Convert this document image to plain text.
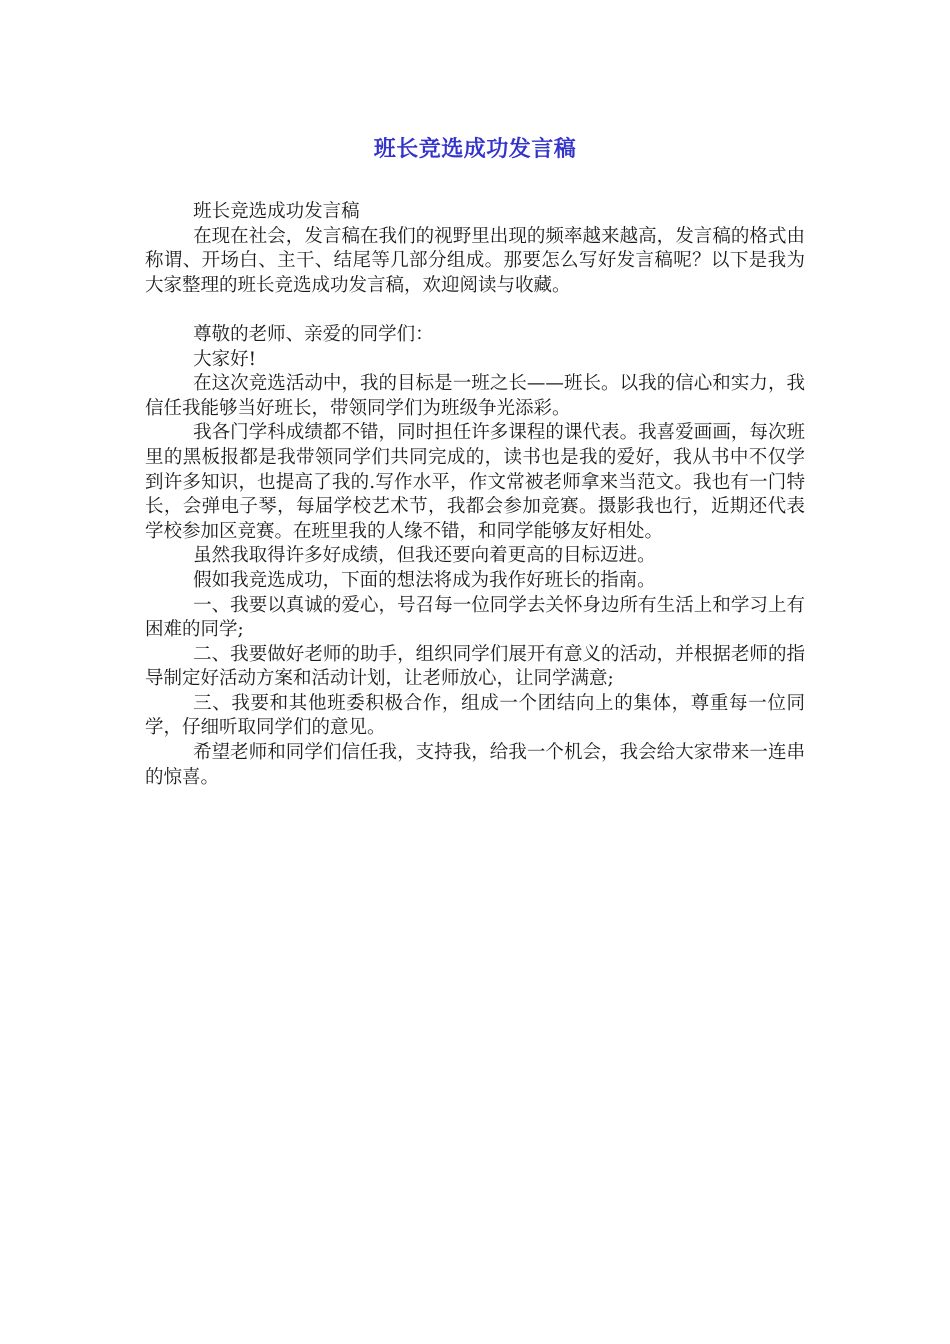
班长竞选成功发言稿

班长竞选成功发言稿

在现在社会，发言稿在我们的视野里出现的频率越来越高，发言稿的格式由称谓、开场白、主干、结尾等几部分组成。那要怎么写好发言稿呢？以下是我为大家整理的班长竞选成功发言稿，欢迎阅读与收藏。

尊敬的老师、亲爱的同学们：

大家好!

在这次竞选活动中，我的目标是一班之长——班长。以我的信心和实力，我信任我能够当好班长，带领同学们为班级争光添彩。

我各门学科成绩都不错，同时担任许多课程的课代表。我喜爱画画，每次班里的黑板报都是我带领同学们共同完成的，读书也是我的爱好，我从书中不仅学到许多知识，也提高了我的.写作水平，作文常被老师拿来当范文。我也有一门特长，会弹电子琴，每届学校艺术节，我都会参加竞赛。摄影我也行，近期还代表学校参加区竞赛。在班里我的人缘不错，和同学能够友好相处。

虽然我取得许多好成绩，但我还要向着更高的目标迈进。

假如我竞选成功，下面的想法将成为我作好班长的指南。

一、我要以真诚的爱心，号召每一位同学去关怀身边所有生活上和学习上有困难的同学;

二、我要做好老师的助手，组织同学们展开有意义的活动，并根据老师的指导制定好活动方案和活动计划，让老师放心，让同学满意;

三、我要和其他班委积极合作，组成一个团结向上的集体，尊重每一位同学，仔细听取同学们的意见。

希望老师和同学们信任我，支持我，给我一个机会，我会给大家带来一连串的惊喜。
